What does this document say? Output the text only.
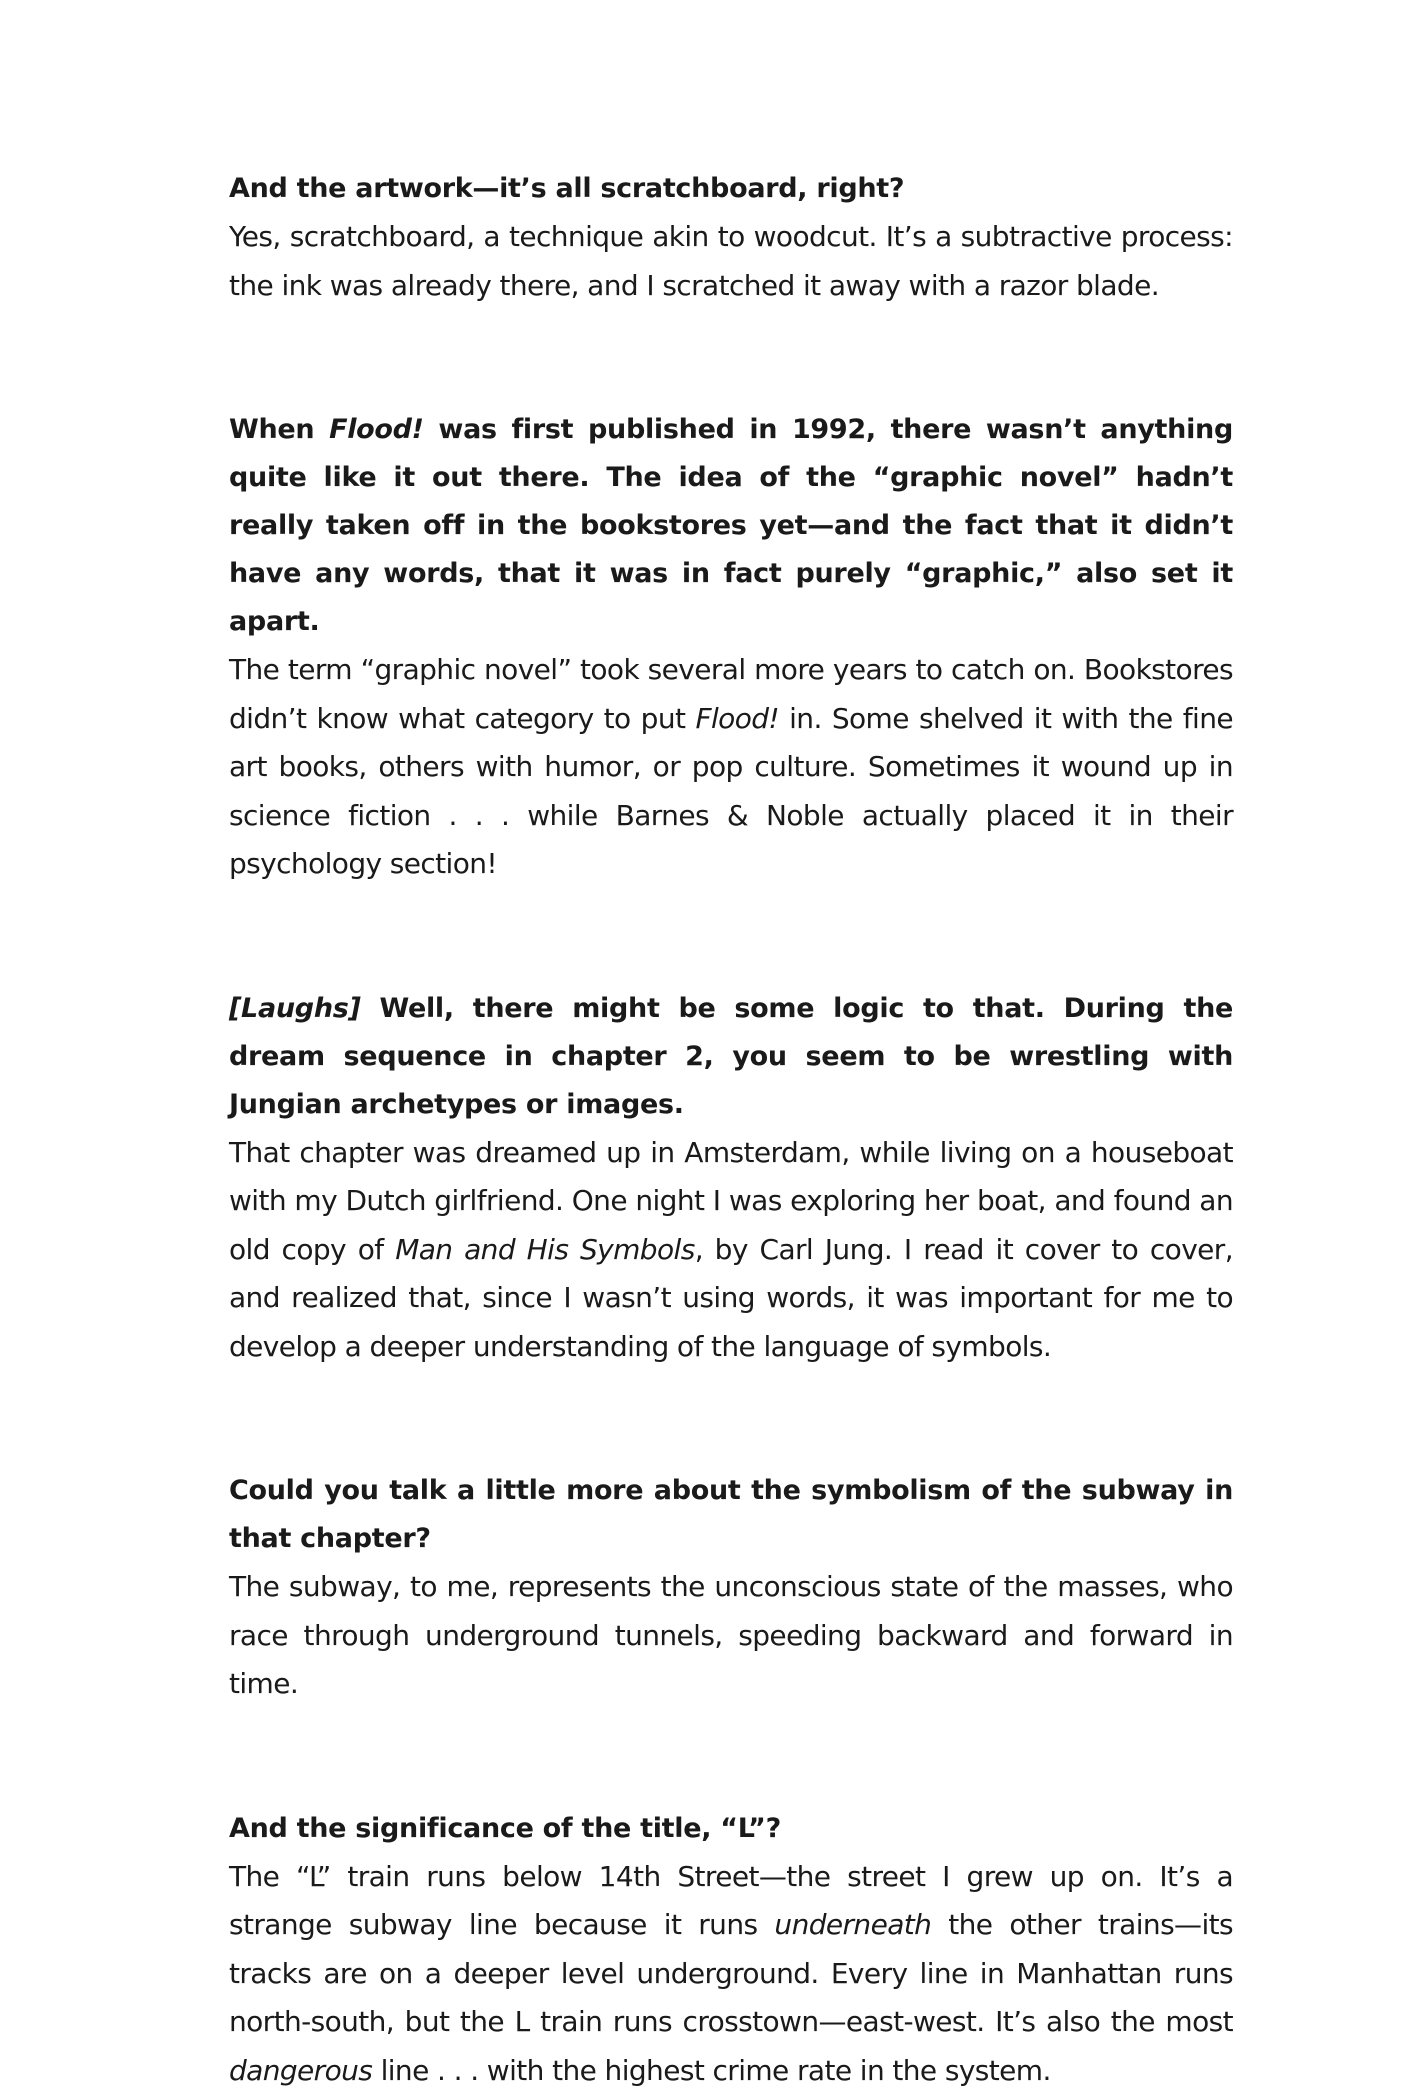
And the artwork—it’s all scratchboard, right?

Yes, scratchboard, a technique akin to woodcut. It’s a subtractive process: the ink was already there, and I scratched it away with a razor blade.

When Flood! was first published in 1992, there wasn’t anything quite like it out there. The idea of the “graphic novel” hadn’t really taken off in the bookstores yet—and the fact that it didn’t have any words, that it was in fact purely “graphic,” also set it apart.

The term “graphic novel” took several more years to catch on. Bookstores didn’t know what category to put Flood! in. Some shelved it with the fine art books, others with humor, or pop culture. Sometimes it wound up in science fiction . . . while Barnes & Noble actually placed it in their psychology section!

[Laughs] Well, there might be some logic to that. During the dream sequence in chapter 2, you seem to be wrestling with Jungian archetypes or images.

That chapter was dreamed up in Amsterdam, while living on a houseboat with my Dutch girlfriend. One night I was exploring her boat, and found an old copy of Man and His Symbols, by Carl Jung. I read it cover to cover, and realized that, since I wasn’t using words, it was important for me to develop a deeper understanding of the language of symbols.

Could you talk a little more about the symbolism of the subway in that chapter?

The subway, to me, represents the unconscious state of the masses, who race through underground tunnels, speeding backward and forward in time.

And the significance of the title, “L”?

The “L” train runs below 14th Street—the street I grew up on. It’s a strange subway line because it runs underneath the other trains—its tracks are on a deeper level underground. Every line in Manhattan runs north-south, but the L train runs crosstown—east-west. It’s also the most dangerous line . . . with the highest crime rate in the system.
